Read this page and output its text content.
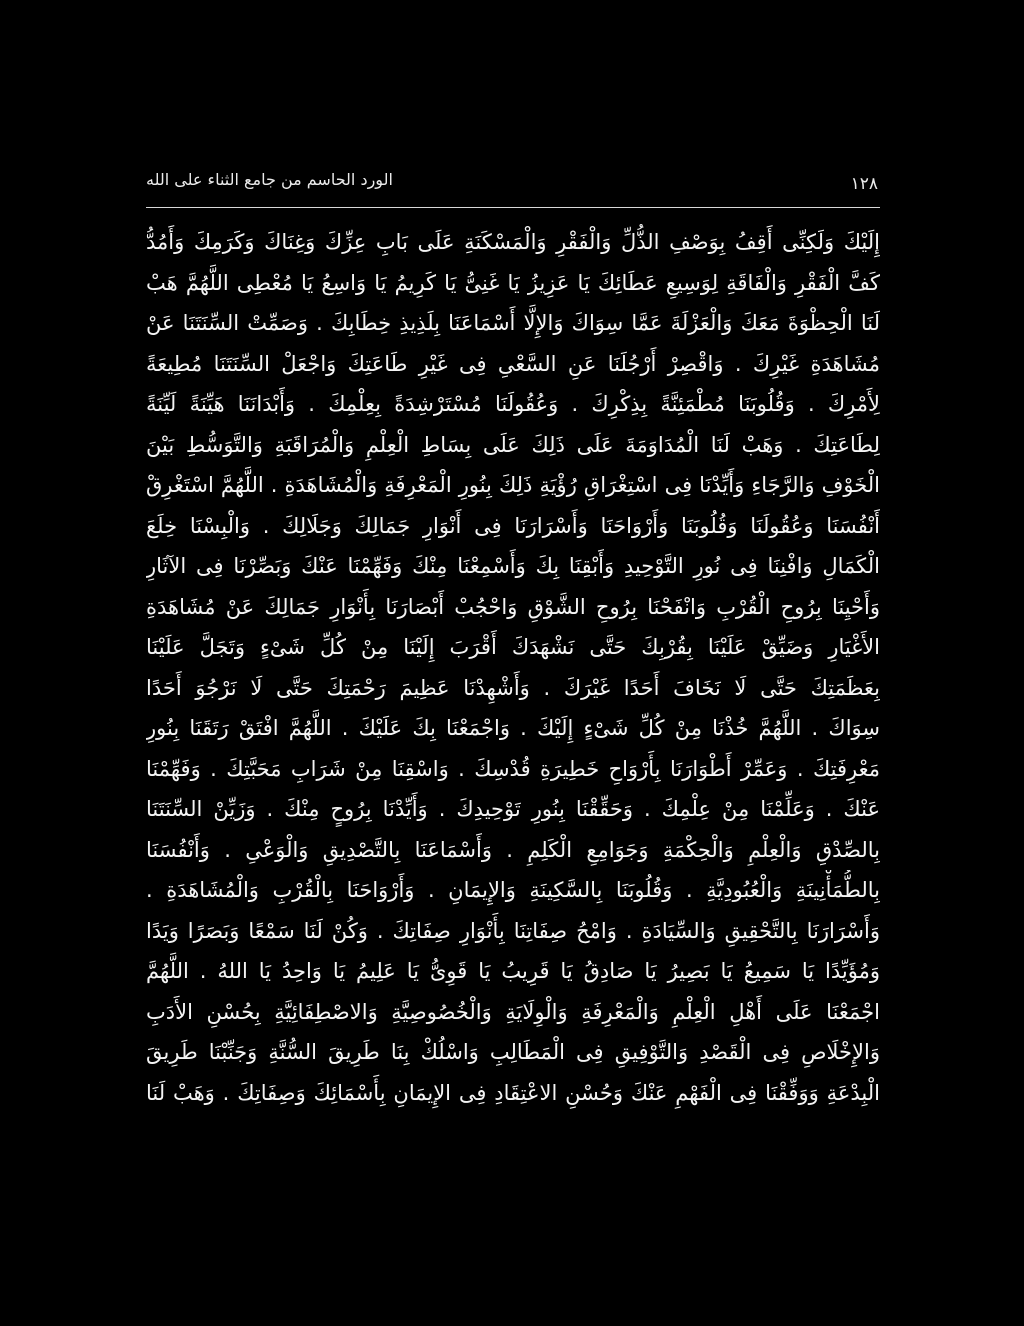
الورد الحاسم من جامع الثناء على الله	١٢٨
إِلَيْكَ وَلَكِنِّى أَقِفُ بِوَصْفِ الذُّلِّ وَالْفَقْرِ وَالْمَسْكَنَةِ عَلَى بَابِ عِزِّكَ وَغِنَاكَ وَكَرَمِكَ وَأَمُدُّ
كَفَّ الْفَقْرِ وَالْفَاقَةِ لِوَسِيعِ عَطَائِكَ يَا عَزِيزُ يَا غَنِىُّ يَا كَرِيمُ يَا وَاسِعُ يَا مُعْطِى اللَّهُمَّ هَبْ
لَنَا الْحِظْوَةَ مَعَكَ وَالْعَزْلَةَ عَمَّا سِوَاكَ وَالإِلَّا أَسْمَاعَنَا بِلَذِيذِ خِطَابِكَ . وَصَمِّتْ السِّنَتَنَا عَنْ
مُشَاهَدَةِ غَيْرِكَ . وَاقْصِرْ أَرْجُلَنَا عَنِ السَّعْىِ فِى غَيْرِ طَاعَتِكَ وَاجْعَلْ السِّنَتَنَا مُطِيعَةً
لِأَمْرِكَ . وَقُلُوبَنَا مُطْمَئِنَّةً بِذِكْرِكَ . وَعُقُولَنَا مُسْتَرْشِدَةً بِعِلْمِكَ . وَأَبْدَانَنَا هَيِّنَةً لَيِّنَةً
لِطَاعَتِكَ . وَهَبْ لَنَا الْمُدَاوَمَةَ عَلَى ذَلِكَ عَلَى بِسَاطِ الْعِلْمِ وَالْمُرَاقَبَةِ وَالتَّوَسُّطِ بَيْنَ
الْخَوْفِ وَالرَّجَاءِ وَأَيِّدْنَا فِى اسْتِغْرَاقِ رُؤْيَةِ ذَلِكَ بِنُورِ الْمَعْرِفَةِ وَالْمُشَاهَدَةِ . اللَّهُمَّ اسْتَغْرِقْ
أَنْفُسَنَا وَعُقُولَنَا وَقُلُوبَنَا وَأَرْوَاحَنَا وَأَسْرَارَنَا فِى أَنْوَارِ جَمَالِكَ وَجَلَالِكَ . وَالْبِسْنَا خِلَعَ
الْكَمَالِ وَافْنِنَا فِى نُورِ التَّوْحِيدِ وَأَبْقِنَا بِكَ وَأَسْمِعْنَا مِنْكَ وَفَهِّمْنَا عَنْكَ وَبَصِّرْنَا فِى الآثَارِ
وَأَحْيِنَا بِرُوحِ الْقُرْبِ وَانْفَحْنَا بِرُوحِ الشَّوْقِ وَاحْجُبْ أَبْصَارَنَا بِأَنْوَارِ جَمَالِكَ عَنْ مُشَاهَدَةِ
الأَغْيَارِ وَضَيِّقْ عَلَيْنَا بِقُرْبِكَ حَتَّى نَشْهَدَكَ أَقْرَبَ إِلَيْنَا مِنْ كُلِّ شَىْءٍ وَتَجَلَّ عَلَيْنَا
بِعَظَمَتِكَ حَتَّى لَا نَخَافَ أَحَدًا غَيْرَكَ . وَأَشْهِدْنَا عَظِيمَ رَحْمَتِكَ حَتَّى لَا نَرْجُوَ أَحَدًا
سِوَاكَ . اللَّهُمَّ خُذْنَا مِنْ كُلِّ شَىْءٍ إِلَيْكَ . وَاجْمَعْنَا بِكَ عَلَيْكَ . اللَّهُمَّ افْتَقْ رَتَقَنَا بِنُورِ
مَعْرِفَتِكَ . وَعَمِّرْ أَطْوَارَنَا بِأَرْوَاحِ خَطِيرَةِ قُدْسِكَ . وَاسْقِنَا مِنْ شَرَابِ مَحَبَّتِكَ . وَفَهِّمْنَا
عَنْكَ . وَعَلِّمْنَا مِنْ عِلْمِكَ . وَحَقِّقْنَا بِنُورِ تَوْحِيدِكَ . وَأَيِّدْنَا بِرُوحٍ مِنْكَ . وَزَيِّنْ السِّنَتَنَا
بِالصِّدْقِ وَالْعِلْمِ وَالْحِكْمَةِ وَجَوَامِعِ الْكَلِمِ . وَأَسْمَاعَنَا بِالتَّصْدِيقِ وَالْوَعْىِ . وَأَنْفُسَنَا
بِالطُّمَأْنِينَةِ وَالْعُبُودِيَّةِ . وَقُلُوبَنَا بِالسَّكِينَةِ وَالإِيمَانِ . وَأَرْوَاحَنَا بِالْقُرْبِ وَالْمُشَاهَدَةِ .
وَأَسْرَارَنَا بِالتَّحْقِيقِ وَالسِّيَادَةِ . وَامْحُ صِفَاتِنَا بِأَنْوَارِ صِفَاتِكَ . وَكُنْ لَنَا سَمْعًا وَبَصَرًا وَيَدًا
وَمُؤَيِّدًا يَا سَمِيعُ يَا بَصِيرُ يَا صَادِقُ يَا قَرِيبُ يَا قَوِىُّ يَا عَلِيمُ يَا وَاحِدُ يَا اللهُ . اللَّهُمَّ
اجْمَعْنَا عَلَى أَهْلِ الْعِلْمِ وَالْمَعْرِفَةِ وَالْوِلَايَةِ وَالْخُصُوصِيَّةِ وَالاصْطِفَائِيَّةِ بِحُسْنِ الأَدَبِ
وَالإِخْلَاصِ فِى الْقَصْدِ وَالتَّوْفِيقِ فِى الْمَطَالِبِ وَاسْلُكْ بِنَا طَرِيقَ السُّنَّةِ وَجَنِّبْنَا طَرِيقَ
الْبِدْعَةِ وَوَفِّقْنَا فِى الْفَهْمِ عَنْكَ وَحُسْنِ الاعْتِقَادِ فِى الإِيمَانِ بِأَسْمَائِكَ وَصِفَاتِكَ . وَهَبْ لَنَا
